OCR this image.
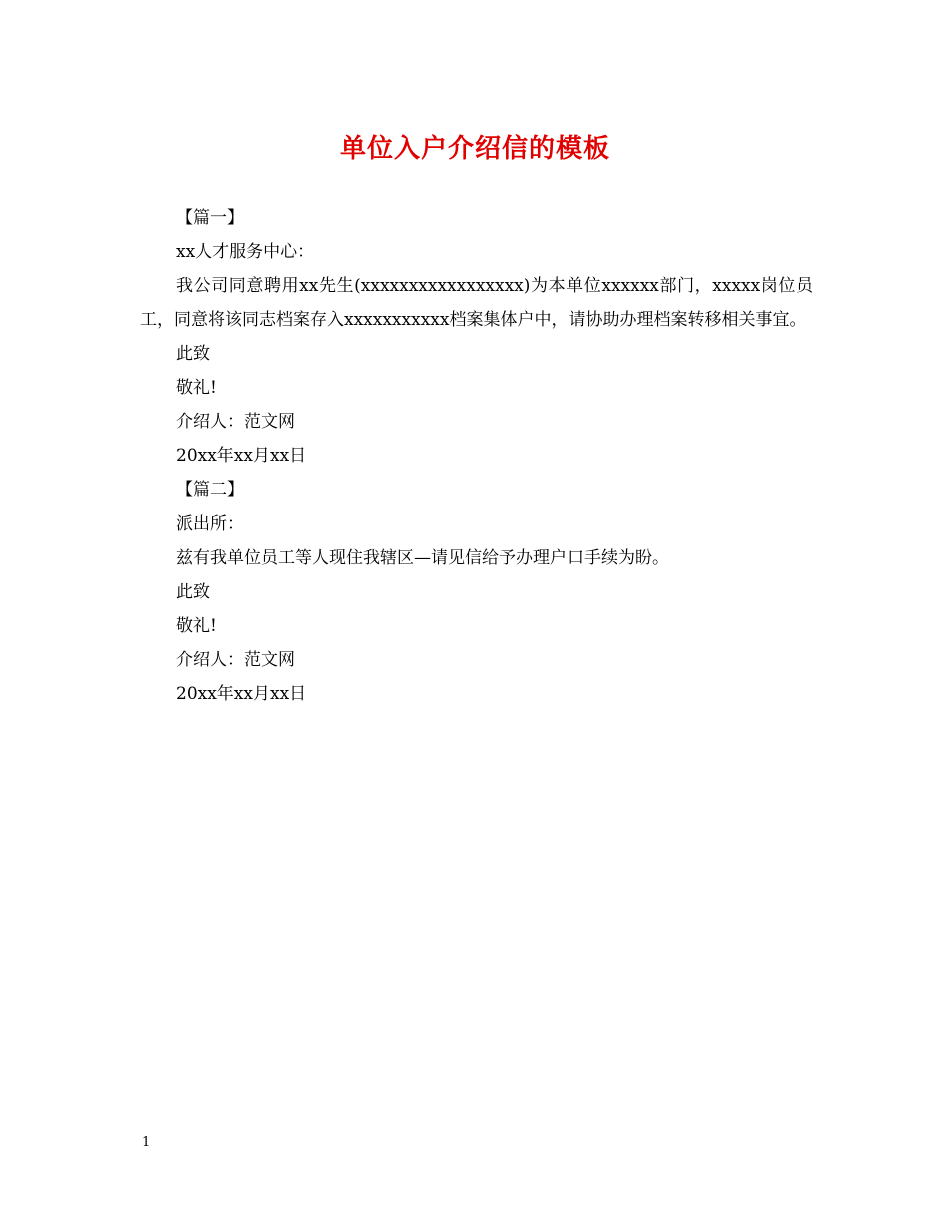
单位入户介绍信的模板

【篇一】

xx人才服务中心：

我公司同意聘用xx先生(xxxxxxxxxxxxxxxxx)为本单位xxxxxx部门，xxxxx岗位员工，同意将该同志档案存入xxxxxxxxxxx档案集体户中，请协助办理档案转移相关事宜。

此致

敬礼!

介绍人：范文网

20xx年xx月xx日

【篇二】

派出所：

兹有我单位员工等人现住我辖区—请见信给予办理户口手续为盼。

此致

敬礼!

介绍人：范文网

20xx年xx月xx日

1
